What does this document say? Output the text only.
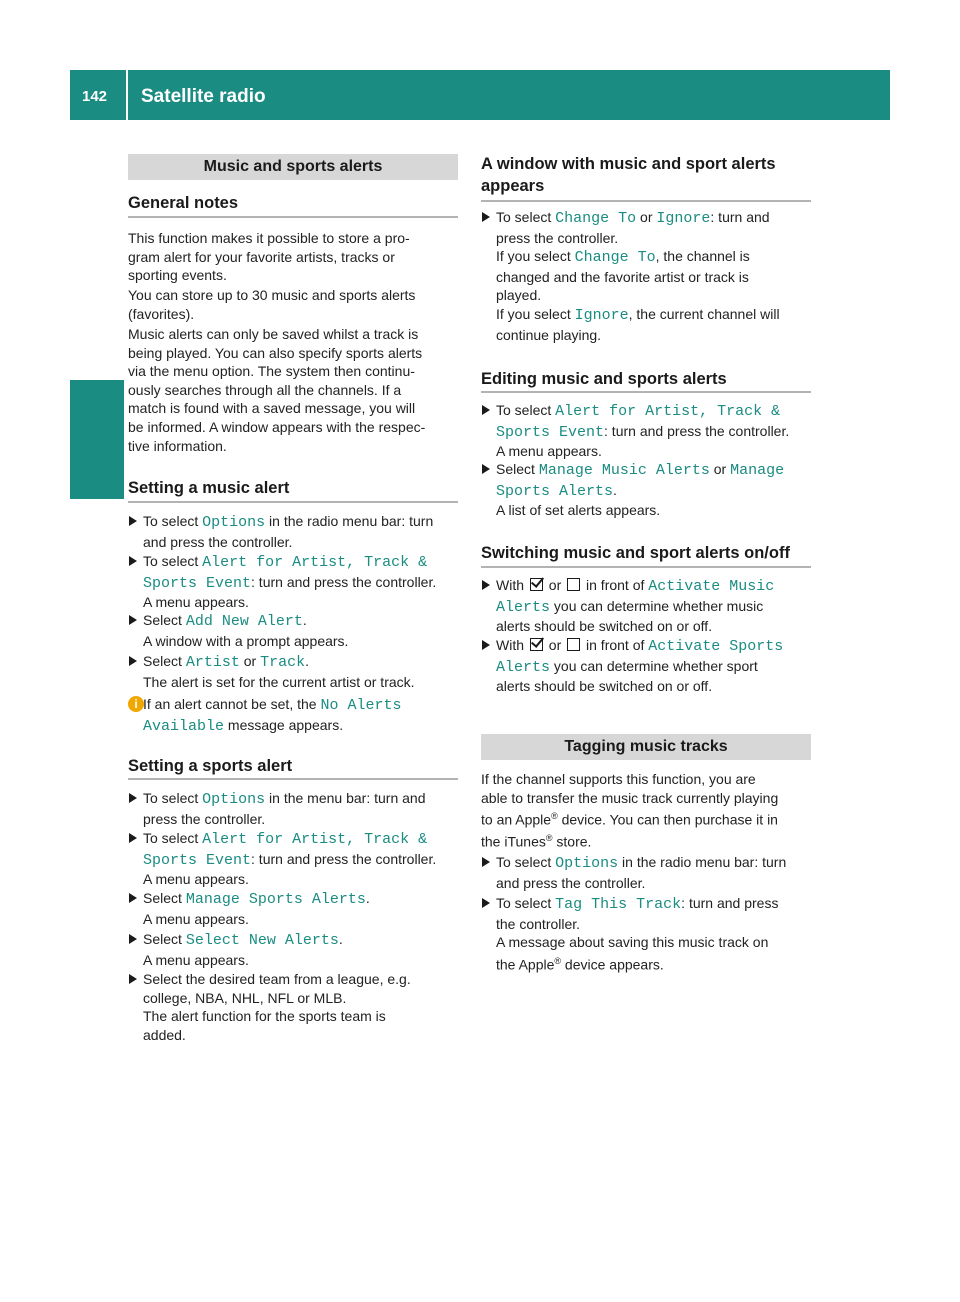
142 Satellite radio
Radio
Music and sports alerts
General notes
This function makes it possible to store a pro-
gram alert for your favorite artists, tracks or
sporting events.
You can store up to 30 music and sports alerts
(favorites).
Music alerts can only be saved whilst a track is
being played. You can also specify sports alerts
via the menu option. The system then continu-
ously searches through all the channels. If a
match is found with a saved message, you will
be informed. A window appears with the respec-
tive information.
Setting a music alert
To select Options in the radio menu bar: turn
and press the controller.
To select Alert for Artist, Track &
Sports Event: turn and press the controller.
A menu appears.
Select Add New Alert.
A window with a prompt appears.
Select Artist or Track.
The alert is set for the current artist or track.
i If an alert cannot be set, the No Alerts
Available message appears.
Setting a sports alert
To select Options in the menu bar: turn and
press the controller.
To select Alert for Artist, Track &
Sports Event: turn and press the controller.
A menu appears.
Select Manage Sports Alerts.
A menu appears.
Select Select New Alerts.
A menu appears.
Select the desired team from a league, e.g.
college, NBA, NHL, NFL or MLB.
The alert function for the sports team is
added.
A window with music and sport alerts
appears
To select Change To or Ignore: turn and
press the controller.
If you select Change To, the channel is
changed and the favorite artist or track is
played.
If you select Ignore, the current channel will
continue playing.
Editing music and sports alerts
To select Alert for Artist, Track &
Sports Event: turn and press the controller.
A menu appears.
Select Manage Music Alerts or Manage
Sports Alerts.
A list of set alerts appears.
Switching music and sport alerts on/off
With  or  in front of Activate Music
Alerts you can determine whether music
alerts should be switched on or off.
With  or  in front of Activate Sports
Alerts you can determine whether sport
alerts should be switched on or off.
Tagging music tracks
If the channel supports this function, you are
able to transfer the music track currently playing
to an Apple® device. You can then purchase it in
the iTunes® store.
To select Options in the radio menu bar: turn
and press the controller.
To select Tag This Track: turn and press
the controller.
A message about saving this music track on
the Apple® device appears.
